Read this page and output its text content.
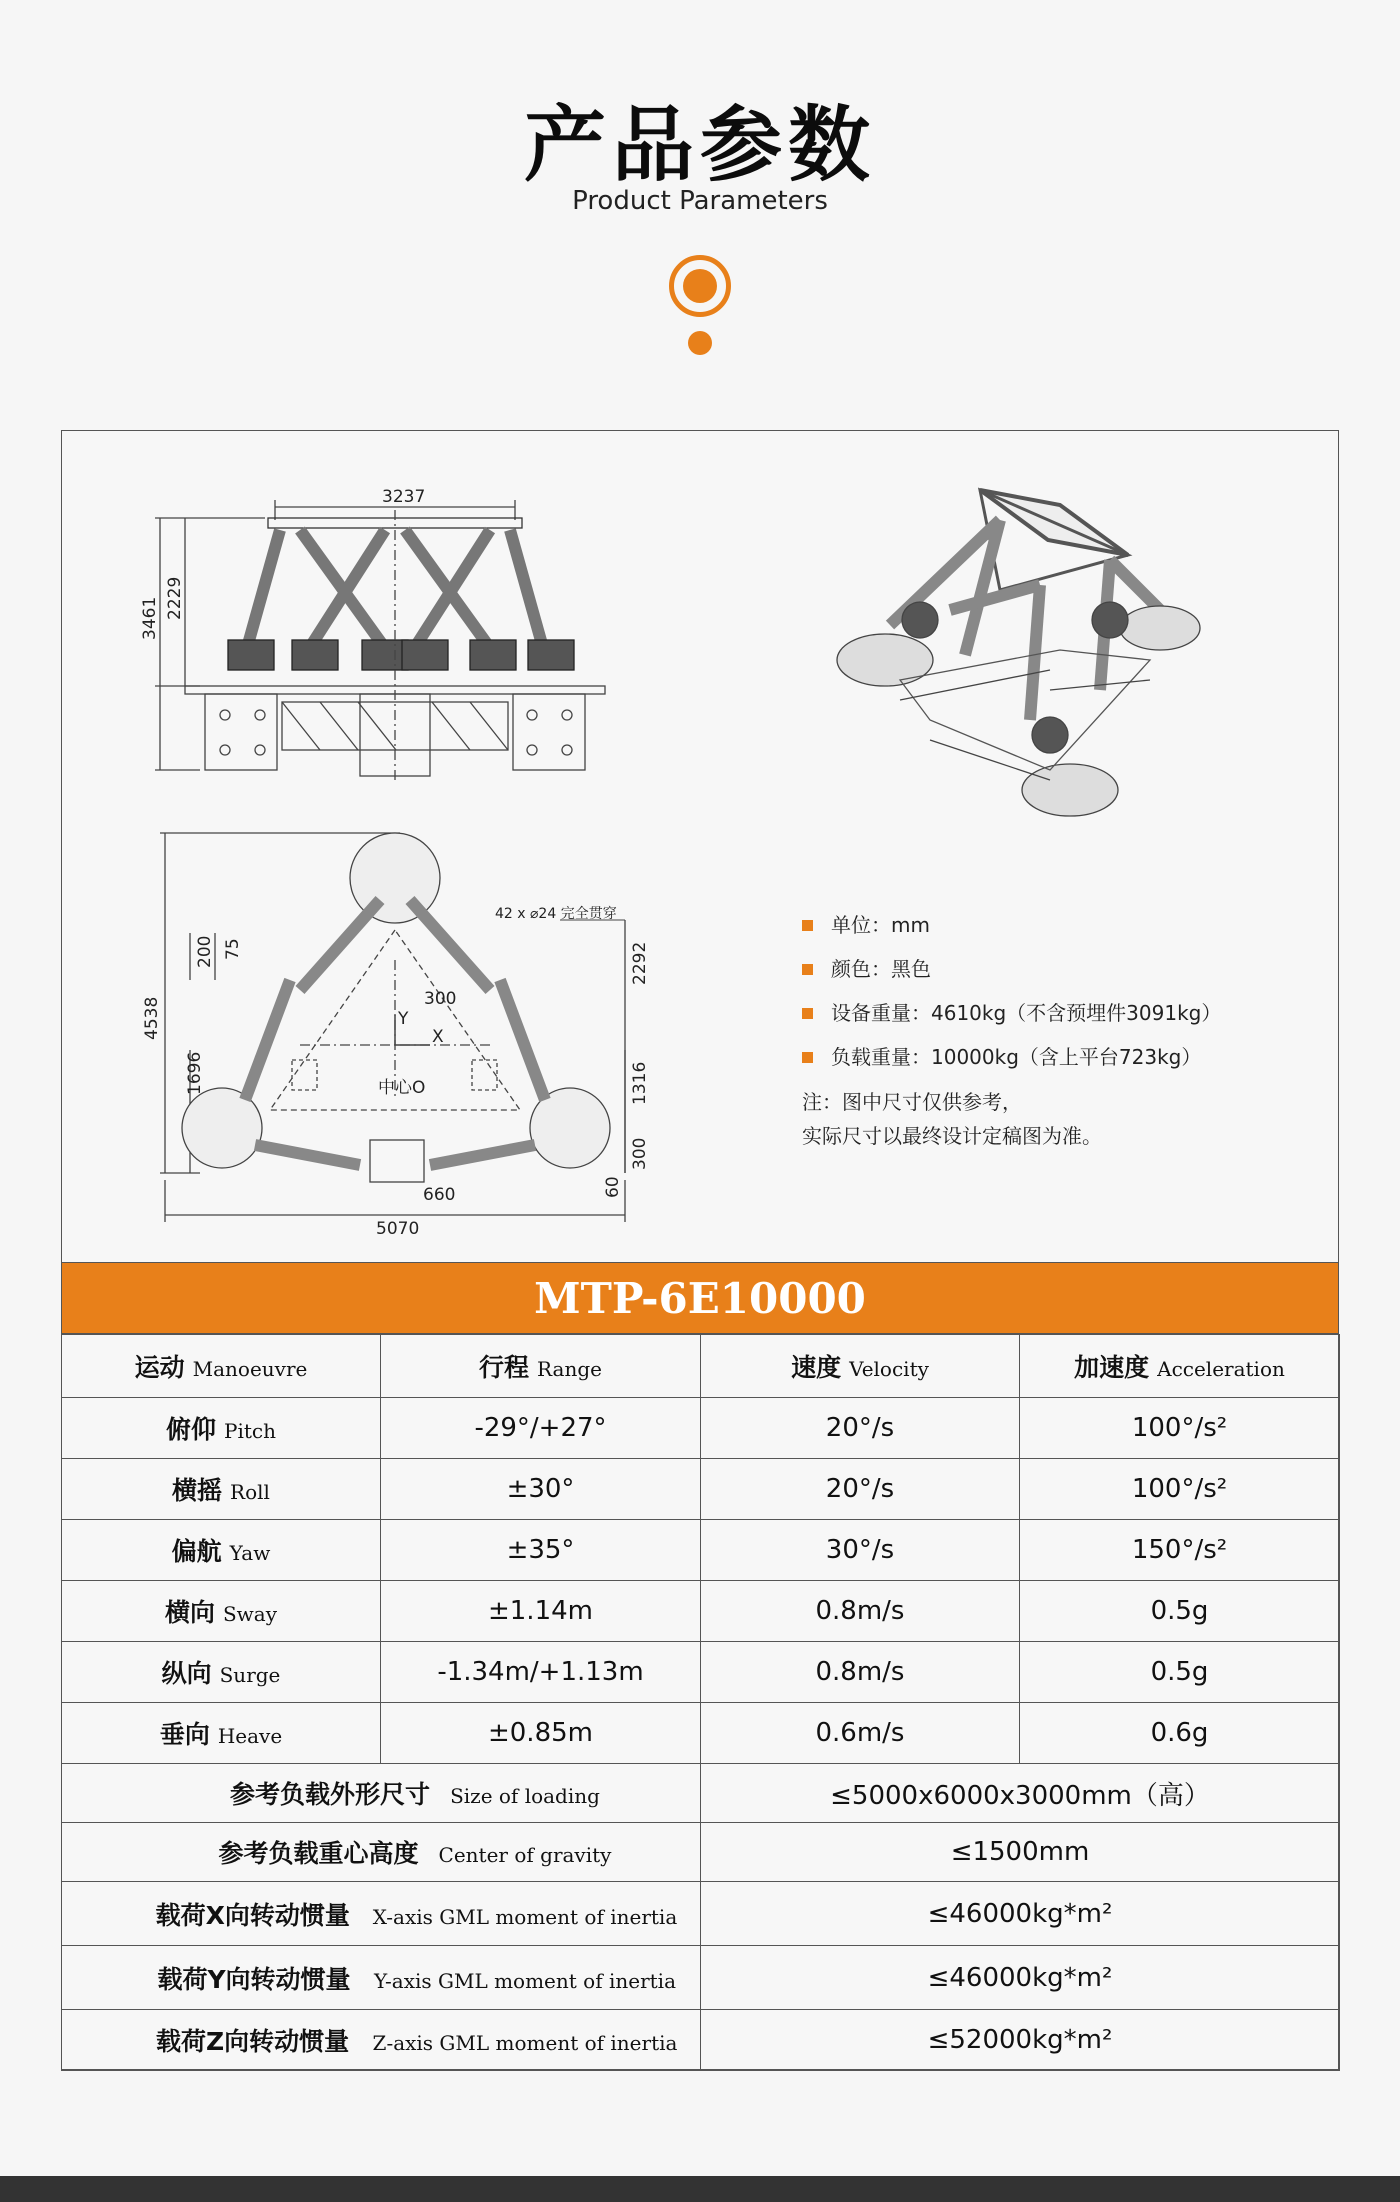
产品参数
Product Parameters
3237
3461 2229
4538
200 75
42 x ⌀24 完全贯穿
2292
300
Y
X
中心O
1696	1316
300
660	60
5070
单位：mm
颜色：黑色
设备重量：4610kg（不含预埋件3091kg）
负载重量：10000kg（含上平台723kg）
注：图中尺寸仅供参考，
实际尺寸以最终设计定稿图为准。
MTP-6E10000
运动 Manoeuvre	行程 Range	速度 Velocity	加速度 Acceleration
俯仰 Pitch	-29°/+27°	20°/s	100°/s²
横摇 Roll	±30°	20°/s	100°/s²
偏航 Yaw	±35°	30°/s	150°/s²
横向 Sway	±1.14m	0.8m/s	0.5g
纵向 Surge	-1.34m/+1.13m	0.8m/s	0.5g
垂向 Heave	±0.85m	0.6m/s	0.6g
参考负载外形尺寸 Size of loading		≤5000x6000x3000mm（高）	
参考负载重心高度 Center of gravity		≤1500mm	
载荷X向转动惯量 X-axis GML moment of inertia		≤46000kg*m²	
载荷Y向转动惯量 Y-axis GML moment of inertia		≤46000kg*m²	
载荷Z向转动惯量 Z-axis GML moment of inertia		≤52000kg*m²	
